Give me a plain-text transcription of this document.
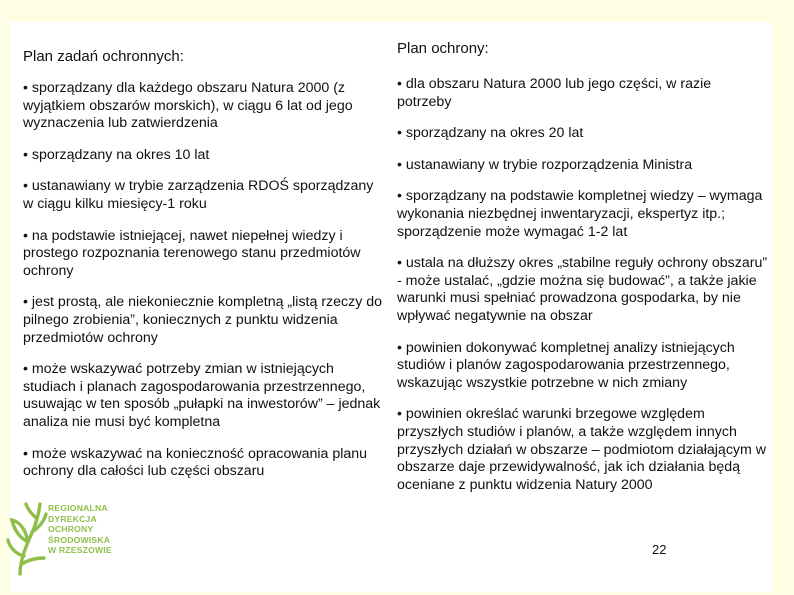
Plan zadań ochronnych:

• sporządzany dla każdego obszaru Natura 2000 (z wyjątkiem obszarów morskich), w ciągu 6 lat od jego wyznaczenia lub zatwierdzenia

• sporządzany na okres 10 lat

• ustanawiany w trybie zarządzenia RDOŚ sporządzany w ciągu kilku miesięcy-1 roku

• na podstawie istniejącej, nawet niepełnej wiedzy i prostego rozpoznania terenowego stanu przedmiotów ochrony

• jest prostą, ale niekoniecznie kompletną „listą rzeczy do pilnego zrobienia”, koniecznych z punktu widzenia przedmiotów ochrony

• może wskazywać potrzeby zmian w istniejących studiach i planach zagospodarowania przestrzennego, usuwając w ten sposób „pułapki na inwestorów” – jednak analiza nie musi być kompletna

• może wskazywać na konieczność opracowania planu ochrony dla całości lub części obszaru

Plan ochrony:

• dla obszaru Natura 2000 lub jego części, w razie potrzeby

• sporządzany na okres 20 lat

• ustanawiany w trybie rozporządzenia Ministra

• sporządzany na podstawie kompletnej wiedzy – wymaga wykonania niezbędnej inwentaryzacji, ekspertyz itp.; sporządzenie może wymagać 1-2 lat

• ustala na dłuższy okres „stabilne reguły ochrony obszaru” - może ustalać, „gdzie można się budować”, a także jakie warunki musi spełniać prowadzona gospodarka, by nie wpływać negatywnie na obszar

• powinien dokonywać kompletnej analizy istniejących studiów i planów zagospodarowania przestrzennego, wskazując wszystkie potrzebne w nich zmiany

• powinien określać warunki brzegowe względem przyszłych studiów i planów, a także względem innych przyszłych działań w obszarze – podmiotom działającym w obszarze daje przewidywalność, jak ich działania będą oceniane z punktu widzenia Natury 2000

22
REGIONALNA
DYREKCJA
OCHRONY
ŚRODOWISKA
W RZESZOWIE
